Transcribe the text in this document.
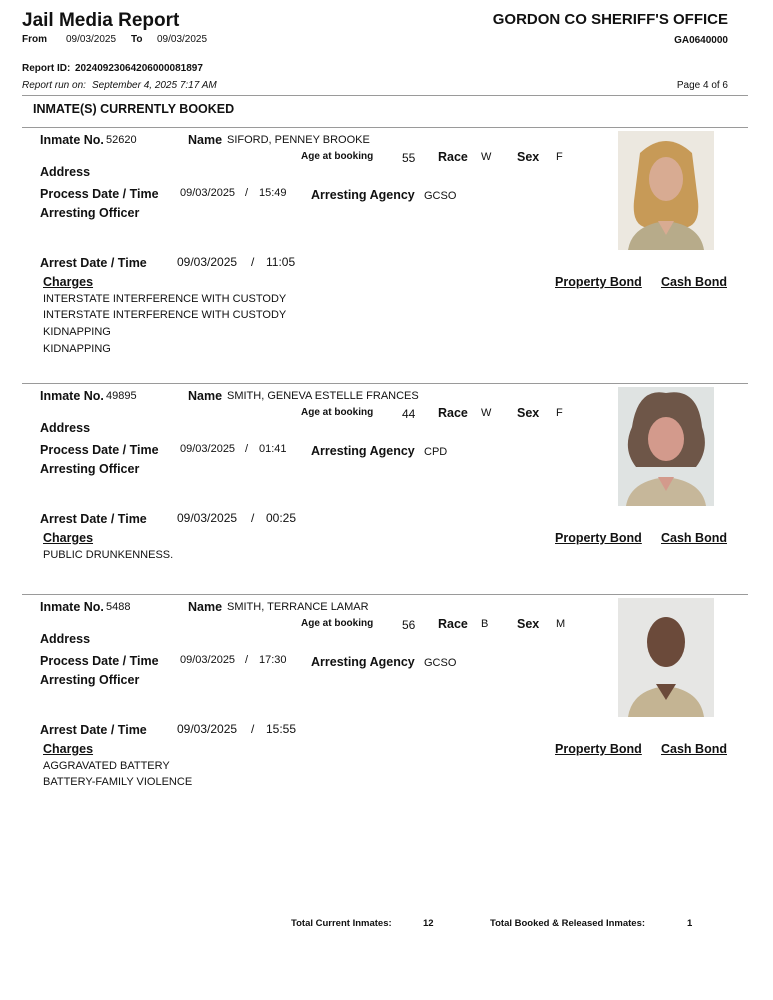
Jail Media Report
From 09/03/2025 To 09/03/2025
GORDON CO SHERIFF'S OFFICE
GA0640000
Report ID: 20240923064206000081897
Report run on: September 4, 2025 7:17 AM	Page 4 of 6
INMATE(S) CURRENTLY BOOKED
Inmate No. 52620	Name SIFORD, PENNEY BROOKE
Age at booking 55 Race W Sex F
Address
Process Date / Time 09/03/2025 / 15:49 Arresting Agency GCSO
Arresting Officer
Arrest Date / Time	09/03/2025 / 11:05
Charges	Property Bond Cash Bond
INTERSTATE INTERFERENCE WITH CUSTODY
INTERSTATE INTERFERENCE WITH CUSTODY
KIDNAPPING
KIDNAPPING
Inmate No. 49895	Name SMITH, GENEVA ESTELLE FRANCES
Age at booking 44 Race W Sex F
Address
Process Date / Time 09/03/2025 / 01:41 Arresting Agency CPD
Arresting Officer
Arrest Date / Time	09/03/2025 / 00:25
Charges	Property Bond Cash Bond
PUBLIC DRUNKENNESS.
Inmate No. 5488	Name SMITH, TERRANCE LAMAR
Age at booking 56 Race B Sex M
Address
Process Date / Time 09/03/2025 / 17:30 Arresting Agency GCSO
Arresting Officer
Arrest Date / Time	09/03/2025 / 15:55
Charges	Property Bond Cash Bond
AGGRAVATED BATTERY
BATTERY-FAMILY VIOLENCE
Total Current Inmates:	12	Total Booked & Released Inmates:	1
